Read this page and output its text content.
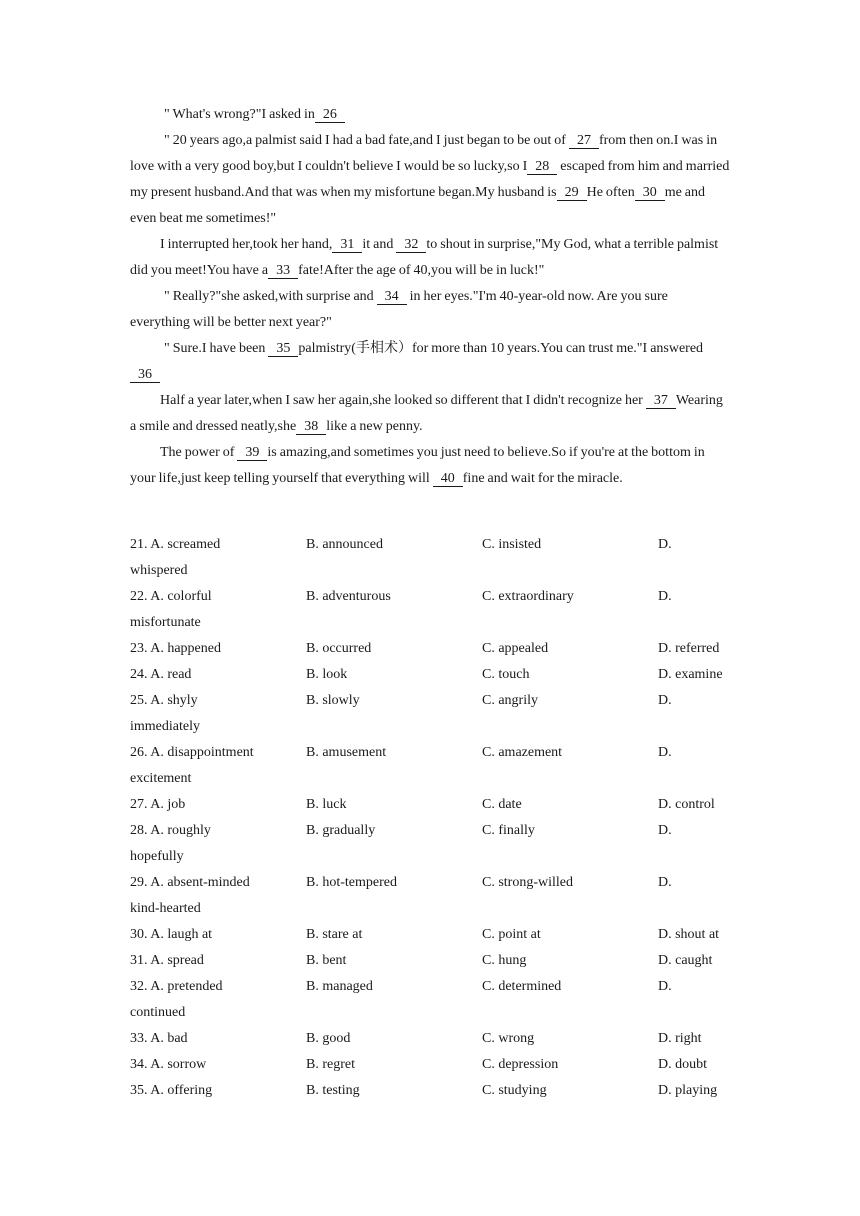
" What's wrong?"I asked in 26

" 20 years ago,a palmist said I had a bad fate,and I just began to be out of 27 from then on.I was in love with a very good boy,but I couldn't believe I would be so lucky,so I 28 escaped from him and married my present husband.And that was when my misfortune began.My husband is 29 He often 30 me and even beat me sometimes!"

I interrupted her,took her hand, 31 it and 32 to shout in surprise,"My God, what a terrible palmist did you meet!You have a 33 fate!After the age of 40,you will be in luck!"

" Really?"she asked,with surprise and 34 in her eyes."I'm 40-year-old now. Are you sure everything will be better next year?"

" Sure.I have been 35 palmistry(手相术）for more than 10 years.You can trust me."I answered 36

Half a year later,when I saw her again,she looked so different that I didn't recognize her 37 Wearing a smile and dressed neatly,she 38 like a new penny.

The power of 39 is amazing,and sometimes you just need to believe.So if you're at the bottom in your life,just keep telling yourself that everything will 40 fine and wait for the miracle.

21. A. screamed	B. announced	C. insisted	D.
whispered
22. A. colorful	B. adventurous	C. extraordinary	D.
misfortunate
23. A. happened	B. occurred	C. appealed	D. referred
24. A. read	B. look	C. touch	D. examine
25. A. shyly	B. slowly	C. angrily	D.
immediately
26. A. disappointment	B. amusement	C. amazement	D.
excitement
27. A. job	B. luck	C. date	D. control
28. A. roughly	B. gradually	C. finally	D.
hopefully
29. A. absent-minded	B. hot-tempered	C. strong-willed	D.
kind-hearted
30. A. laugh at	B. stare at	C. point at	D. shout at
31. A. spread	B. bent	C. hung	D. caught
32. A. pretended	B. managed	C. determined	D.
continued
33. A. bad	B. good	C. wrong	D. right
34. A. sorrow	B. regret	C. depression	D. doubt
35. A. offering	B. testing	C. studying	D. playing
